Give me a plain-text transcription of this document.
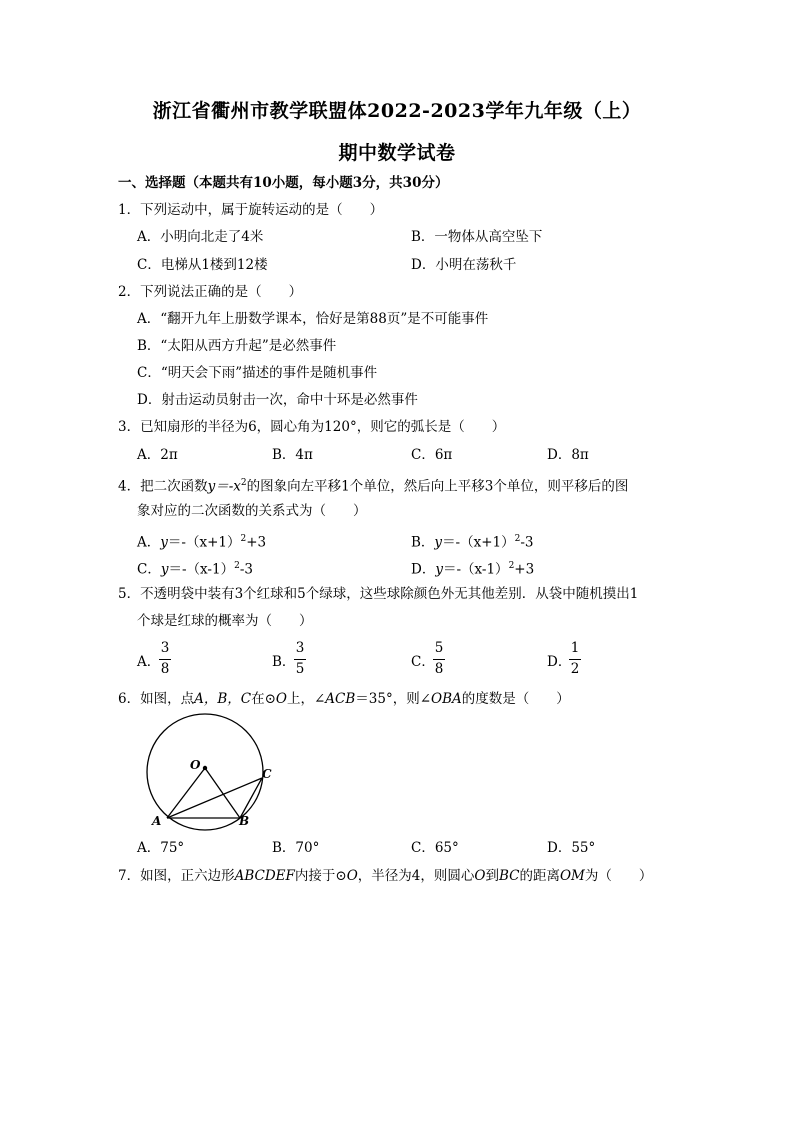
浙江省衢州市教学联盟体2022-2023学年九年级（上）
期中数学试卷
一、选择题（本题共有10小题，每小题3分，共30分）
1．下列运动中，属于旋转运动的是（　　）
A．小明向北走了4米	B．一物体从高空坠下
C．电梯从1楼到12楼	D．小明在荡秋千
2．下列说法正确的是（　　）
A．“翻开九年上册数学课本，恰好是第88页”是不可能事件
B．“太阳从西方升起”是必然事件
C．“明天会下雨”描述的事件是随机事件
D．射击运动员射击一次，命中十环是必然事件
3．已知扇形的半径为6，圆心角为120°，则它的弧长是（　　）
A．2π	B．4π	C．6π	D．8π
4．把二次函数$y=-x^2$的图象向左平移1个单位，然后向上平移3个单位，则平移后的图
象对应的二次函数的关系式为（　　）
A．$y=-(x+1)^2+3$	B．$y=-(x+1)^2-3$
C．$y=-(x-1)^2-3$	D．$y=-(x-1)^2+3$
5．不透明袋中装有3个红球和5个绿球，这些球除颜色外无其他差别．从袋中随机摸出1
个球是红球的概率为（　　）
A．
3
8	B．
3
5	C．
5
8	D．
1
2
6．如图，点A，B，C在⊙O上，∠ACB＝35°，则∠OBA的度数是（　　）
O
A	B
C
A．75°	B．70°	C．65°	D．55°
7．如图，正六边形ABCDEF内接于⊙O，半径为4，则圆心O到BC的距离OM为（　　）
